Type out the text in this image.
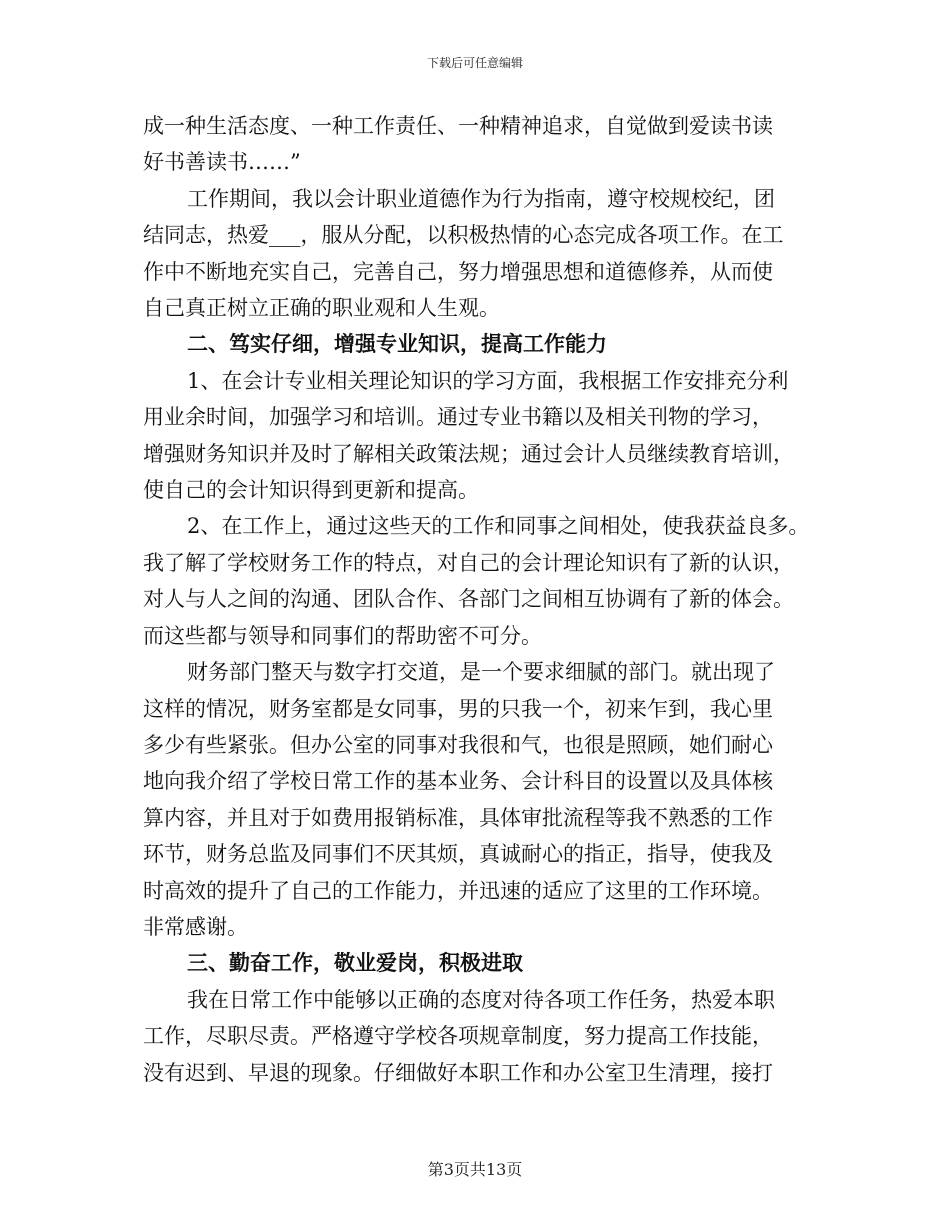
下载后可任意编辑

成一种生活态度、一种工作责任、一种精神追求，自觉做到爱读书读
好书善读书……”

工作期间，我以会计职业道德作为行为指南，遵守校规校纪，团
结同志，热爱___，服从分配，以积极热情的心态完成各项工作。在工
作中不断地充实自己，完善自己，努力增强思想和道德修养，从而使
自己真正树立正确的职业观和人生观。

二、笃实仔细，增强专业知识，提高工作能力

1、在会计专业相关理论知识的学习方面，我根据工作安排充分利
用业余时间，加强学习和培训。通过专业书籍以及相关刊物的学习，
增强财务知识并及时了解相关政策法规；通过会计人员继续教育培训，
使自己的会计知识得到更新和提高。

2、在工作上，通过这些天的工作和同事之间相处，使我获益良多。
我了解了学校财务工作的特点，对自己的会计理论知识有了新的认识，
对人与人之间的沟通、团队合作、各部门之间相互协调有了新的体会。
而这些都与领导和同事们的帮助密不可分。

财务部门整天与数字打交道，是一个要求细腻的部门。就出现了
这样的情况，财务室都是女同事，男的只我一个，初来乍到，我心里
多少有些紧张。但办公室的同事对我很和气，也很是照顾，她们耐心
地向我介绍了学校日常工作的基本业务、会计科目的设置以及具体核
算内容，并且对于如费用报销标准，具体审批流程等我不熟悉的工作
环节，财务总监及同事们不厌其烦，真诚耐心的指正，指导，使我及
时高效的提升了自己的工作能力，并迅速的适应了这里的工作环境。
非常感谢。

三、勤奋工作，敬业爱岗，积极进取

我在日常工作中能够以正确的态度对待各项工作任务，热爱本职
工作，尽职尽责。严格遵守学校各项规章制度，努力提高工作技能，
没有迟到、早退的现象。仔细做好本职工作和办公室卫生清理，接打

第3页共13页
